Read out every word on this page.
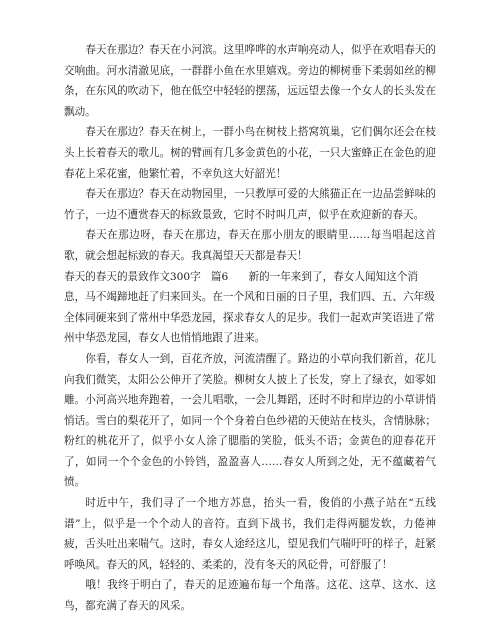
春天在那边？春天在小河滨。这里哗哗的水声响亮动人，似乎在欢唱春天的交响曲。河水清澈见底，一群群小鱼在水里嬉戏。旁边的柳树垂下柔弱如丝的柳条，在东风的吹动下，他在低空中轻轻的摆荡，远远望去像一个女人的长头发在飘动。

春天在那边？春天在树上，一群小鸟在树枝上搭窝筑巢，它们偶尔还会在枝头上长着春天的歌儿。树的臂画有几多金黄色的小花，一只大蜜蜂正在金色的迎春花上采花蜜，他繁忙着，不幸负这大好韶光！

春天在那边？春天在动物园里，一只教厚可爱的大熊猫正在一边品尝鲜味的竹子，一边不遭赏春天的标致景致，它时不时叫几声，似乎在欢迎新的春天。

春天在那边呀，春天在那边，春天在那小朋友的眼睛里……每当唱起这首歌，就会想起标致的春天。我真渴望天天都是春天！

春天的春天的景致作文300字 篇6 新的一年来到了，春女人闻知这个消息，马不竭蹄地赶了归来回头。在一个风和日丽的日子里，我们四、五、六年级全体同硬来到了常州中华恐龙园，探求春女人的足步。我们一起欢声笑语进了常州中华恐龙园，春女人也悄悄地跟了进来。

你看，春女人一到，百花齐放，河流清醒了。路边的小草向我们新首，花儿向我们微笑，太阳公公伸开了笑脸。柳树女人披上了长发，穿上了绿衣，如零如雕。小河高兴地奔跑着，一会儿唱歌，一会儿舞蹈，还时不时和岸边的小草讲悄悄话。雪白的梨花开了，如同一个个身着白色纱裙的天使站在枝头，含情脉脉；粉红的桃花开了，似乎小女人涂了腮脂的笑脸，低头不语；金黄色的迎春花开了，如同一个个金色的小铃铛，盈盈喜人……春女人所到之处，无不蕴藏着气愤。

时近中午，我们寻了一个地方苏息，抬头一看，俊俏的小燕子站在“五线谱”上，似乎是一个个动人的音符。直到下战书，我们走得两腿发软，力倦神疲，舌头吐出来喘气。这时，春女人途经这儿，望见我们气喘吁吁的样子，赶紧呼唤风。春天的风，轻轻的、柔柔的，没有冬天的风砭骨，可舒服了！

哦！我终于明白了，春天的足迹遍布每一个角落。这花、这草、这水、这鸟，都充满了春天的风采。
